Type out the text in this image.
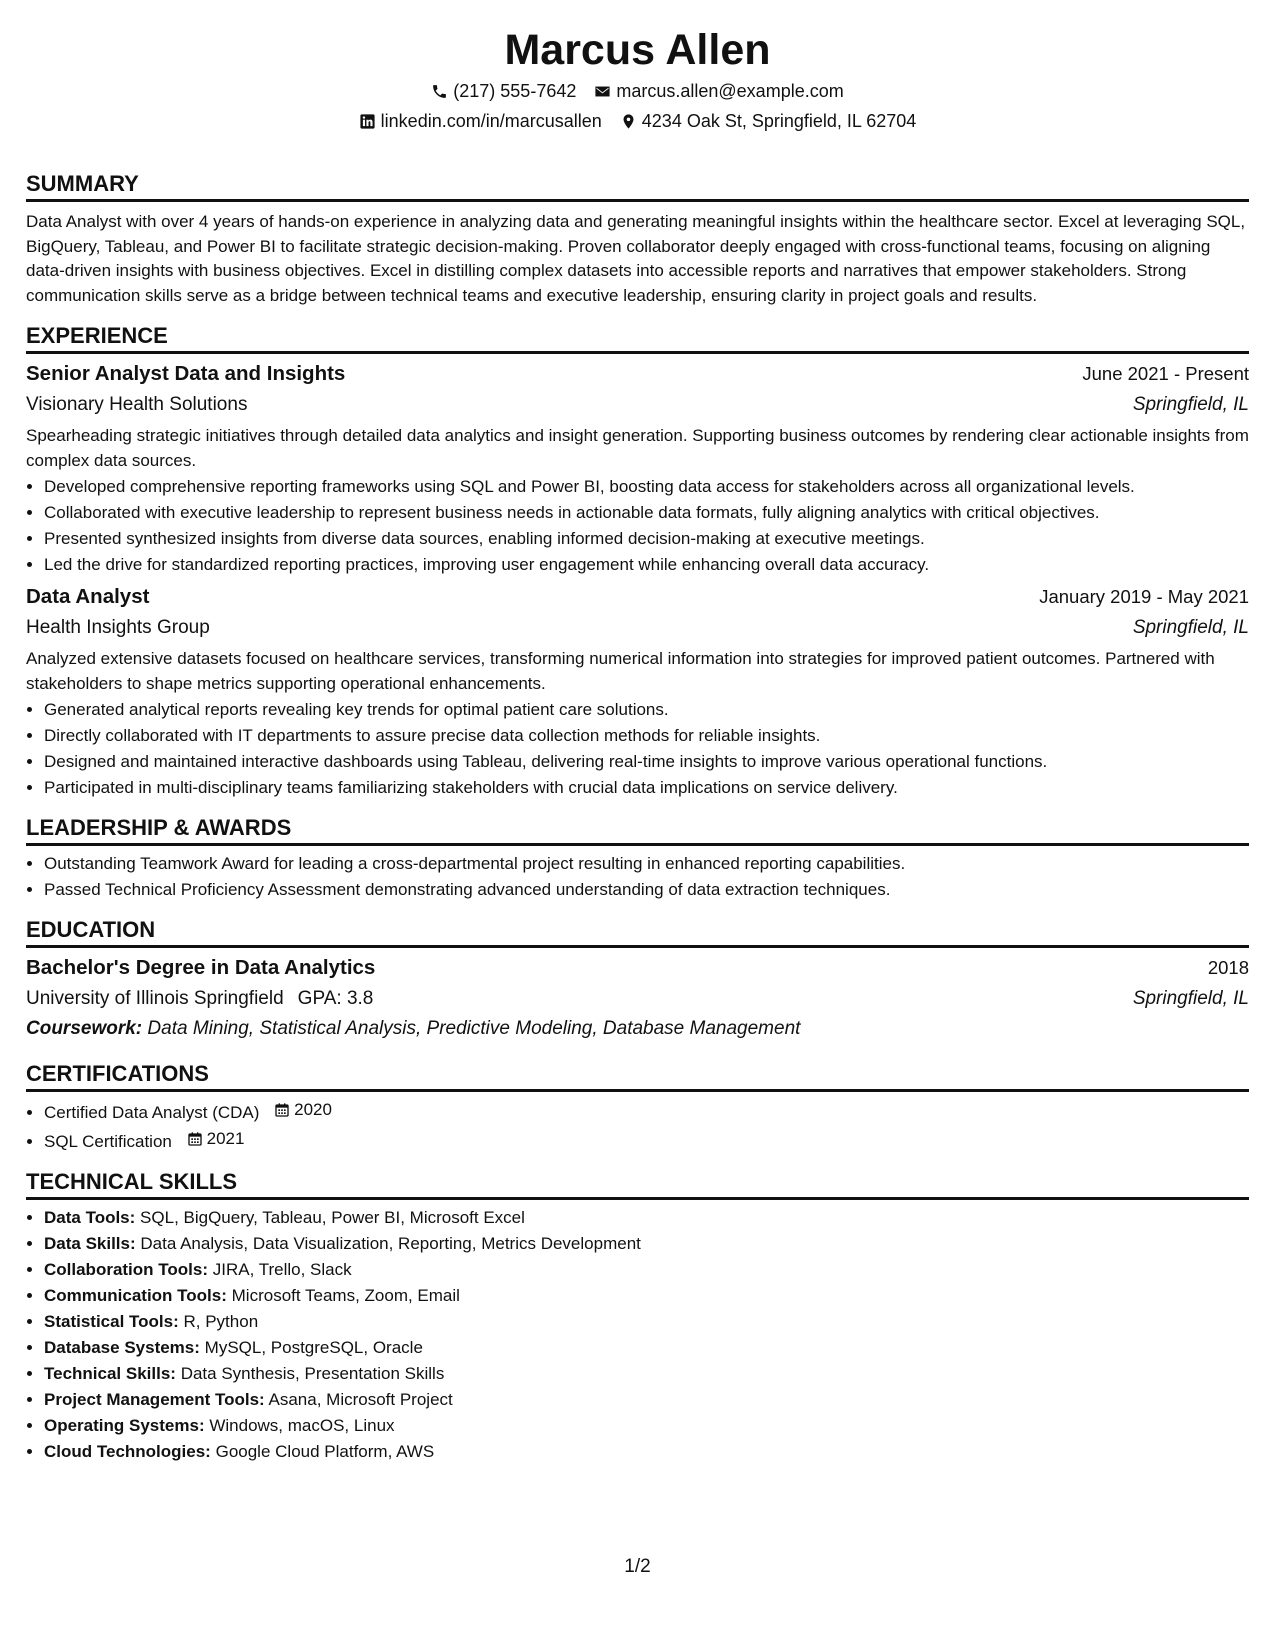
Marcus Allen
(217) 555-7642 marcus.allen@example.com
linkedin.com/in/marcusallen 4234 Oak St, Springfield, IL 62704
SUMMARY

Data Analyst with over 4 years of hands-on experience in analyzing data and generating meaningful insights within the healthcare sector. Excel at leveraging SQL, BigQuery, Tableau, and Power BI to facilitate strategic decision-making. Proven collaborator deeply engaged with cross-functional teams, focusing on aligning data-driven insights with business objectives. Excel in distilling complex datasets into accessible reports and narratives that empower stakeholders. Strong communication skills serve as a bridge between technical teams and executive leadership, ensuring clarity in project goals and results.

EXPERIENCE
Senior Analyst Data and Insights	June 2021 - Present
Visionary Health Solutions	Springfield, IL

Spearheading strategic initiatives through detailed data analytics and insight generation. Supporting business outcomes by rendering clear actionable insights from complex data sources.

• Developed comprehensive reporting frameworks using SQL and Power BI, boosting data access for stakeholders across all organizational levels.
• Collaborated with executive leadership to represent business needs in actionable data formats, fully aligning analytics with critical objectives.
• Presented synthesized insights from diverse data sources, enabling informed decision-making at executive meetings.
• Led the drive for standardized reporting practices, improving user engagement while enhancing overall data accuracy.
Data Analyst	January 2019 - May 2021
Health Insights Group	Springfield, IL

Analyzed extensive datasets focused on healthcare services, transforming numerical information into strategies for improved patient outcomes. Partnered with stakeholders to shape metrics supporting operational enhancements.

• Generated analytical reports revealing key trends for optimal patient care solutions.
• Directly collaborated with IT departments to assure precise data collection methods for reliable insights.
• Designed and maintained interactive dashboards using Tableau, delivering real-time insights to improve various operational functions.
• Participated in multi-disciplinary teams familiarizing stakeholders with crucial data implications on service delivery.
LEADERSHIP & AWARDS
• Outstanding Teamwork Award for leading a cross-departmental project resulting in enhanced reporting capabilities.
• Passed Technical Proficiency Assessment demonstrating advanced understanding of data extraction techniques.
EDUCATION
Bachelor's Degree in Data Analytics	2018
University of Illinois Springfield GPA: 3.8	Springfield, IL
Coursework: Data Mining, Statistical Analysis, Predictive Modeling, Database Management
CERTIFICATIONS
• Certified Data Analyst (CDA) 2020
• SQL Certification 2021
TECHNICAL SKILLS
• Data Tools: SQL, BigQuery, Tableau, Power BI, Microsoft Excel
• Data Skills: Data Analysis, Data Visualization, Reporting, Metrics Development
• Collaboration Tools: JIRA, Trello, Slack
• Communication Tools: Microsoft Teams, Zoom, Email
• Statistical Tools: R, Python
• Database Systems: MySQL, PostgreSQL, Oracle
• Technical Skills: Data Synthesis, Presentation Skills
• Project Management Tools: Asana, Microsoft Project
• Operating Systems: Windows, macOS, Linux
• Cloud Technologies: Google Cloud Platform, AWS
1/2
